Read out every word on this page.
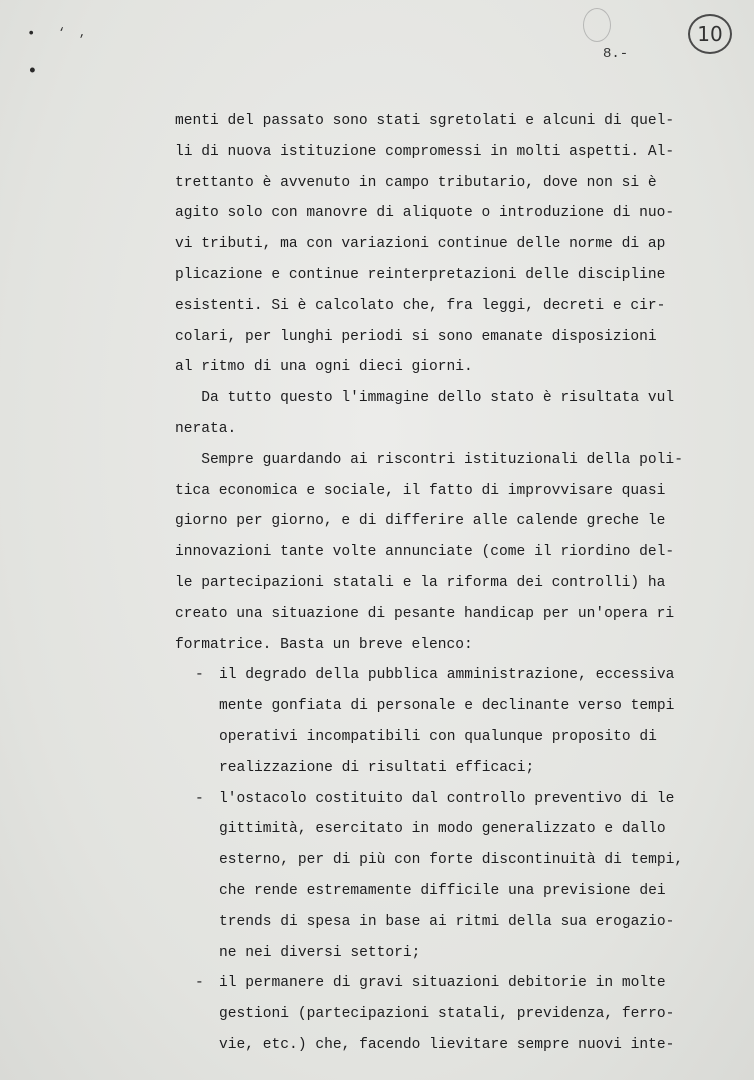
• ‘ ‚
•
10
8.-
menti del passato sono stati sgretolati e alcuni di quel-
li di nuova istituzione compromessi in molti aspetti. Al-
trettanto è avvenuto in campo tributario, dove non si è
agito solo con manovre di aliquote o introduzione di nuo-
vi tributi, ma con variazioni continue delle norme di ap
plicazione e continue reinterpretazioni delle discipline
esistenti. Si è calcolato che, fra leggi, decreti e cir-
colari, per lunghi periodi si sono emanate disposizioni
al ritmo di una ogni dieci giorni.
Da tutto questo l'immagine dello stato è risultata vul
nerata.
Sempre guardando ai riscontri istituzionali della poli-
tica economica e sociale, il fatto di improvvisare quasi
giorno per giorno, e di differire alle calende greche le
innovazioni tante volte annunciate (come il riordino del-
le partecipazioni statali e la riforma dei controlli) ha
creato una situazione di pesante handicap per un'opera ri
formatrice. Basta un breve elenco:
- il degrado della pubblica amministrazione, eccessiva
mente gonfiata di personale e declinante verso tempi
operativi incompatibili con qualunque proposito di
realizzazione di risultati efficaci;
- l'ostacolo costituito dal controllo preventivo di le
gittimità, esercitato in modo generalizzato e dallo
esterno, per di più con forte discontinuità di tempi,
che rende estremamente difficile una previsione dei
trends di spesa in base ai ritmi della sua erogazio-
ne nei diversi settori;
- il permanere di gravi situazioni debitorie in molte
gestioni (partecipazioni statali, previdenza, ferro-
vie, etc.) che, facendo lievitare sempre nuovi inte-
